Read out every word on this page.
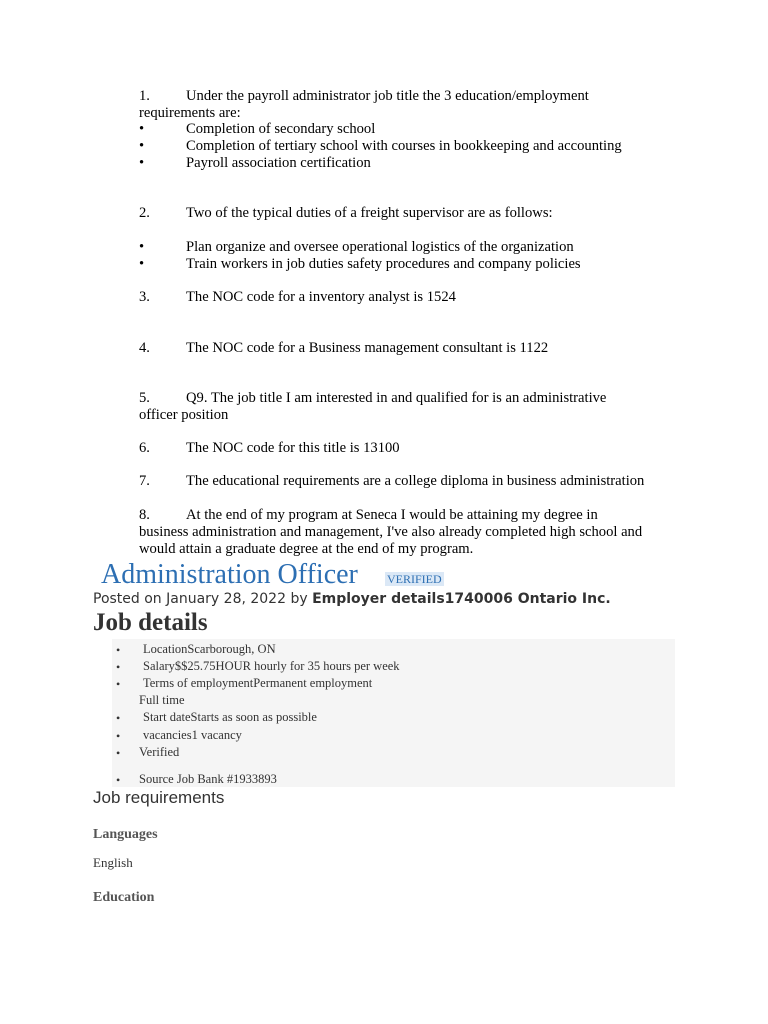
1. Under the payroll administrator job title the 3 education/employment
requirements are:
•	Completion of secondary school
•	Completion of tertiary school with courses in bookkeeping and accounting
•	Payroll association certification
2. Two of the typical duties of a freight supervisor are as follows:
•	Plan organize and oversee operational logistics of the organization
•	Train workers in job duties safety procedures and company policies
3. The NOC code for a inventory analyst is 1524
4. The NOC code for a Business management consultant is 1122
5. Q9. The job title I am interested in and qualified for is an administrative
officer position
6. The NOC code for this title is 13100
7. The educational requirements are a college diploma in business administration
8. At the end of my program at Seneca I would be attaining my degree in
business administration and management, I've also already completed high school and
would attain a graduate degree at the end of my program.
Administration Officer VERIFIED
Posted on January 28, 2022 by Employer details1740006 Ontario Inc.
Job details
• LocationScarborough, ON
• Salary$$25.75HOUR hourly for 35 hours per week
• Terms of employmentPermanent employment
Full time
• Start dateStarts as soon as possible
• vacancies1 vacancy
• Verified
• Source Job Bank #1933893
Job requirements
Languages
English
Education
